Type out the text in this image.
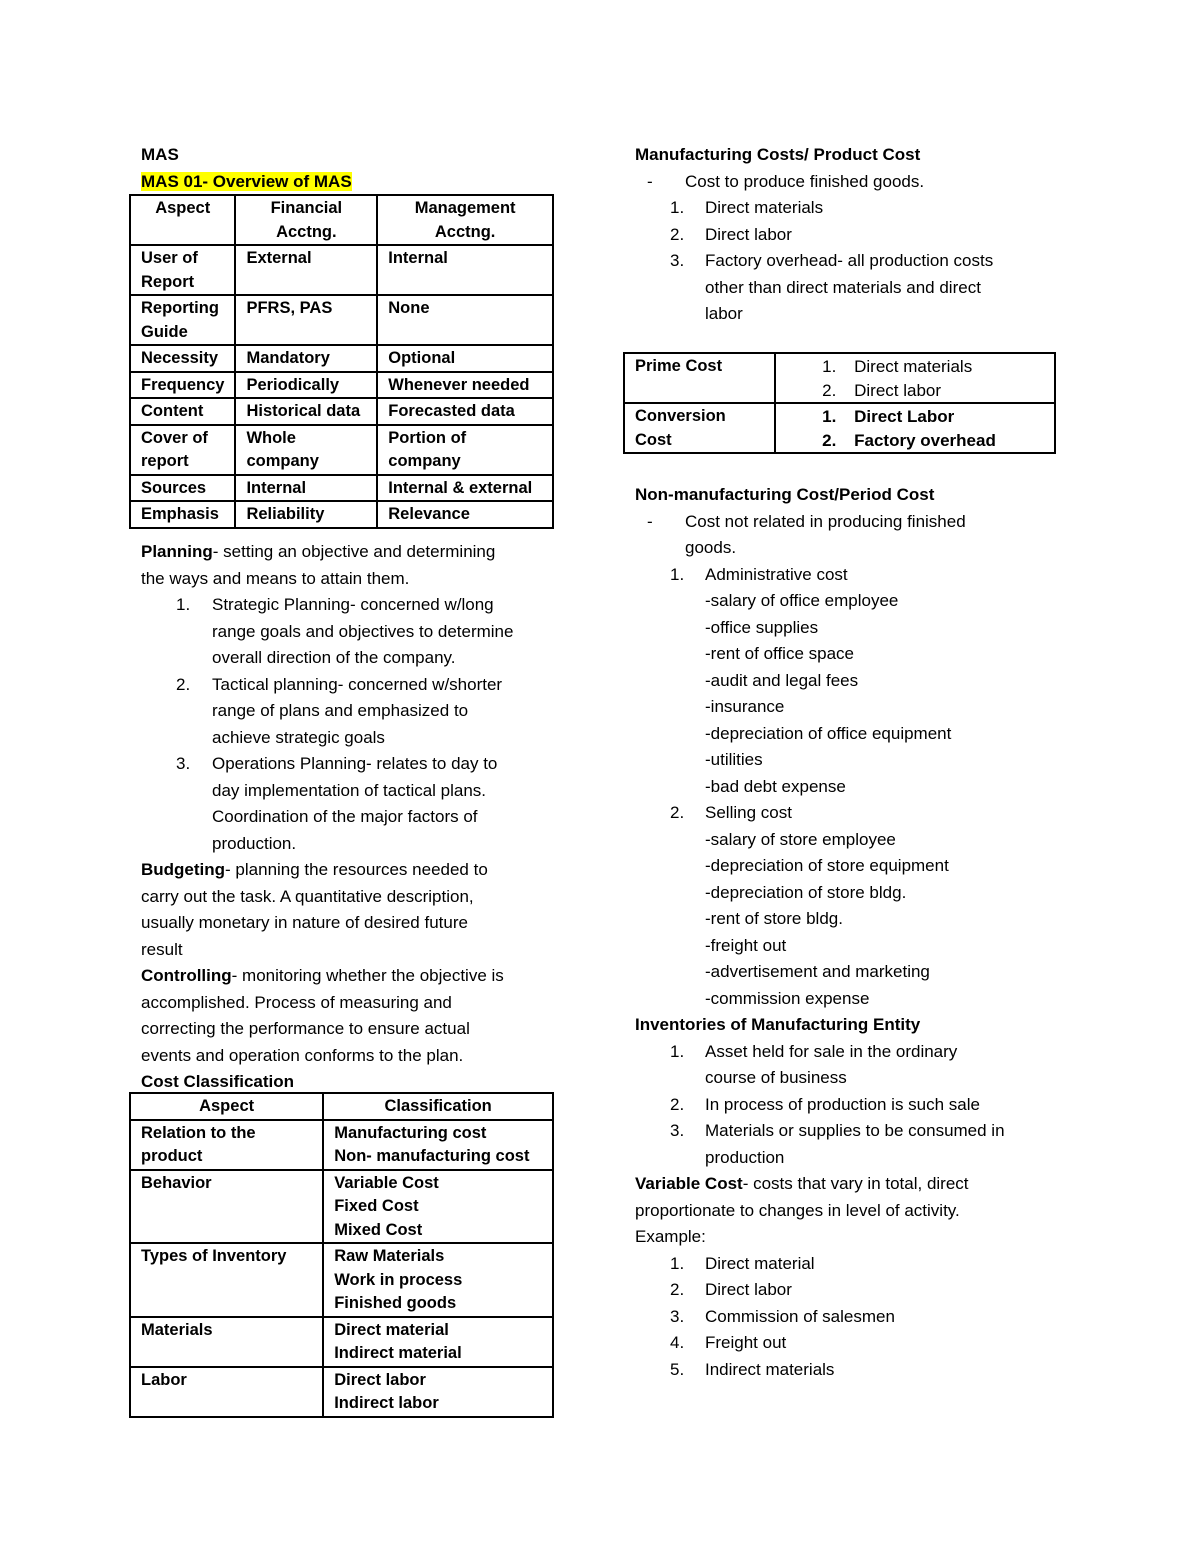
MAS
MAS 01- Overview of MAS
Aspect	Financial Acctng.	Management Acctng.
User of Report	External	Internal
Reporting Guide	PFRS, PAS	None
Necessity	Mandatory	Optional
Frequency	Periodically	Whenever needed
Content	Historical data	Forecasted data
Cover of report	Whole company	Portion of company
Sources	Internal	Internal & external
Emphasis	Reliability	Relevance
Planning- setting an objective and determining
the ways and means to attain them.
1. Strategic Planning- concerned w/long
range goals and objectives to determine
overall direction of the company.
2. Tactical planning- concerned w/shorter
range of plans and emphasized to
achieve strategic goals
3. Operations Planning- relates to day to
day implementation of tactical plans.
Coordination of the major factors of
production.
Budgeting- planning the resources needed to
carry out the task. A quantitative description,
usually monetary in nature of desired future
result
Controlling- monitoring whether the objective is
accomplished. Process of measuring and
correcting the performance to ensure actual
events and operation conforms to the plan.
Cost Classification
Aspect	Classification
Relation to the product	Manufacturing cost
Non- manufacturing cost

Behavior	Variable Cost
Fixed Cost
Mixed Cost

Types of Inventory	Raw Materials
Work in process
Finished goods

Materials	Direct material
Indirect material

Labor	Direct labor
Indirect labor
Manufacturing Costs/ Product Cost
- Cost to produce finished goods.
1. Direct materials
2. Direct labor
3. Factory overhead- all production costs
other than direct materials and direct
labor
Prime Cost	1. Direct materials
2. Direct labor

Conversion Cost	1. Direct Labor
2. Factory overhead
Non-manufacturing Cost/Period Cost
- Cost not related in producing finished
goods.
1. Administrative cost
-salary of office employee
-office supplies
-rent of office space
-audit and legal fees
-insurance
-depreciation of office equipment
-utilities
-bad debt expense
2. Selling cost
-salary of store employee
-depreciation of store equipment
-depreciation of store bldg.
-rent of store bldg.
-freight out
-advertisement and marketing
-commission expense
Inventories of Manufacturing Entity
1. Asset held for sale in the ordinary
course of business
2. In process of production is such sale
3. Materials or supplies to be consumed in
production
Variable Cost- costs that vary in total, direct
proportionate to changes in level of activity.
Example:
1. Direct material
2. Direct labor
3. Commission of salesmen
4. Freight out
5. Indirect materials
